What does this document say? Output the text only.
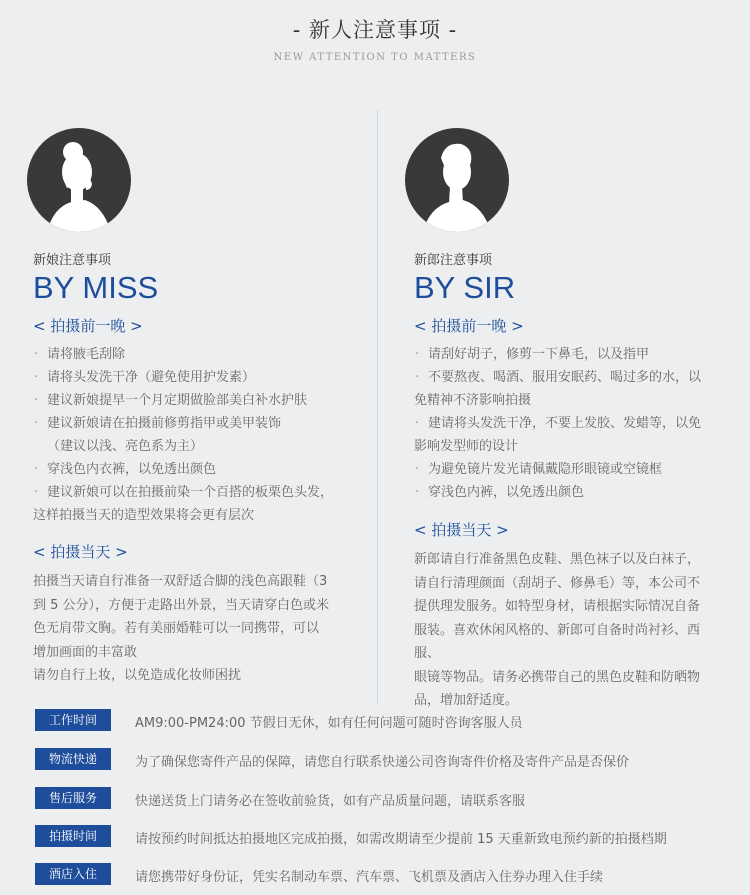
- 新人注意事项 -
NEW ATTENTION TO MATTERS
新娘注意事项
BY MISS
< 拍摄前一晚 >
· 请将腋毛刮除
· 请将头发洗干净（避免使用护发素）
· 建议新娘提早一个月定期做脸部美白补水护肤
· 建议新娘请在拍摄前修剪指甲或美甲装饰
（建议以浅、亮色系为主）
· 穿浅色内衣裤，以免透出颜色
· 建议新娘可以在拍摄前染一个百搭的板栗色头发，
这样拍摄当天的造型效果将会更有层次
< 拍摄当天 >
拍摄当天请自行准备一双舒适合脚的浅色高跟鞋（3
到 5 公分），方便于走路出外景，当天请穿白色或米
色无肩带文胸。若有美丽婚鞋可以一同携带，可以
增加画面的丰富敢
请勿自行上妆，以免造成化妆师困扰
新郎注意事项
BY SIR
< 拍摄前一晚 >
· 请刮好胡子，修剪一下鼻毛，以及指甲
· 不要熬夜、喝酒、服用安眠药、喝过多的水，以
免精神不济影响拍摄
· 建请将头发洗干净，不要上发胶、发蜡等，以免
影响发型师的设计
· 为避免镜片发光请佩戴隐形眼镜或空镜框
· 穿浅色内裤，以免透出颜色
< 拍摄当天 >
新郎请自行准备黑色皮鞋、黑色袜子以及白袜子，
请自行清理颜面（刮胡子、修鼻毛）等，本公司不
提供理发服务。如特型身材，请根据实际情况自备
服装。喜欢休闲风格的、新郎可自备时尚衬衫、西服、
眼镜等物品。请务必携带自己的黑色皮鞋和防晒物
品，增加舒适度。
工作时间	AM9:00-PM24:00 节假日无休，如有任何问题可随时咨询客服人员
物流快递	为了确保您寄件产品的保障，请您自行联系快递公司咨询寄件价格及寄件产品是否保价
售后服务	快递送货上门请务必在签收前验货，如有产品质量问题，请联系客服
拍摄时间	请按预约时间抵达拍摄地区完成拍摄，如需改期请至少提前 15 天重新致电预约新的拍摄档期
酒店入住	请您携带好身份证，凭实名制动车票、汽车票、飞机票及酒店入住券办理入住手续
